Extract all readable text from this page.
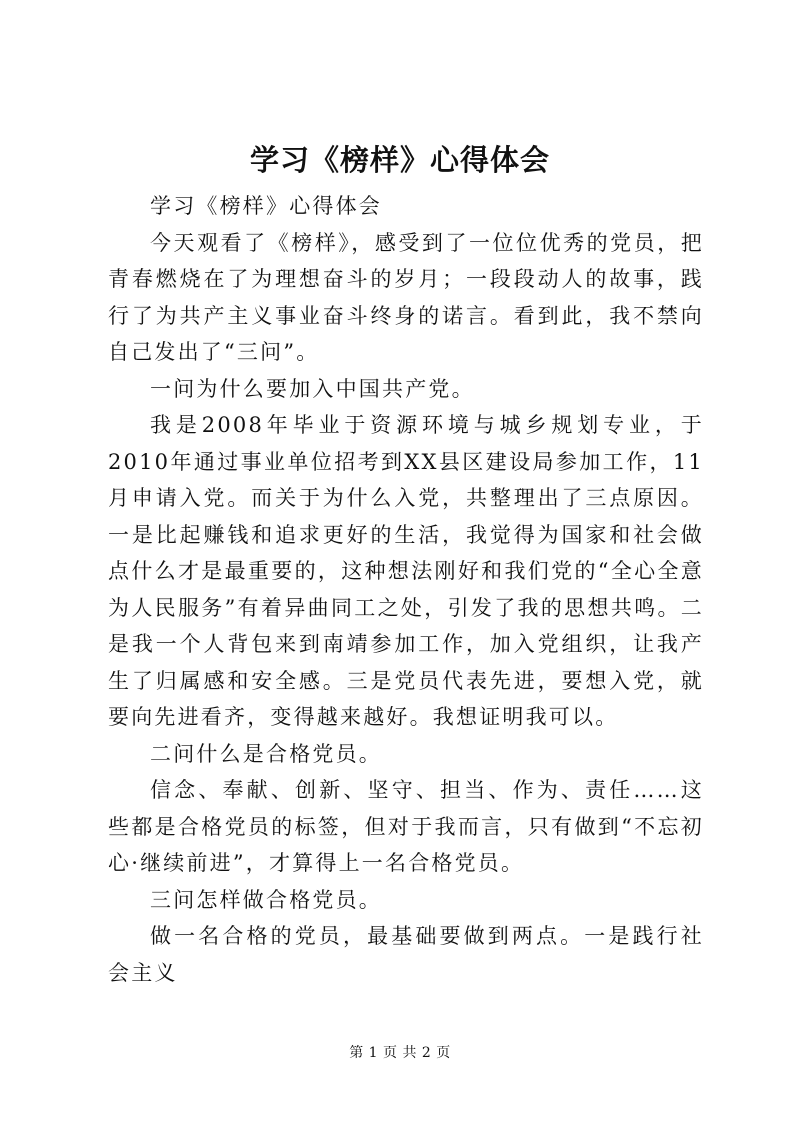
学习《榜样》心得体会

学习《榜样》心得体会

今天观看了《榜样》，感受到了一位位优秀的党员，把青春燃烧在了为理想奋斗的岁月；一段段动人的故事，践行了为共产主义事业奋斗终身的诺言。看到此，我不禁向自己发出了“三问”。

一问为什么要加入中国共产党。

我是2008年毕业于资源环境与城乡规划专业，于2010年通过事业单位招考到XX县区建设局参加工作，11月申请入党。而关于为什么入党，共整理出了三点原因。一是比起赚钱和追求更好的生活，我觉得为国家和社会做点什么才是最重要的，这种想法刚好和我们党的“全心全意为人民服务”有着异曲同工之处，引发了我的思想共鸣。二是我一个人背包来到南靖参加工作，加入党组织，让我产生了归属感和安全感。三是党员代表先进，要想入党，就要向先进看齐，变得越来越好。我想证明我可以。

二问什么是合格党员。

信念、奉献、创新、坚守、担当、作为、责任……这些都是合格党员的标签，但对于我而言，只有做到“不忘初心·继续前进”，才算得上一名合格党员。

三问怎样做合格党员。

做一名合格的党员，最基础要做到两点。一是践行社会主义

第 1 页 共 2 页
